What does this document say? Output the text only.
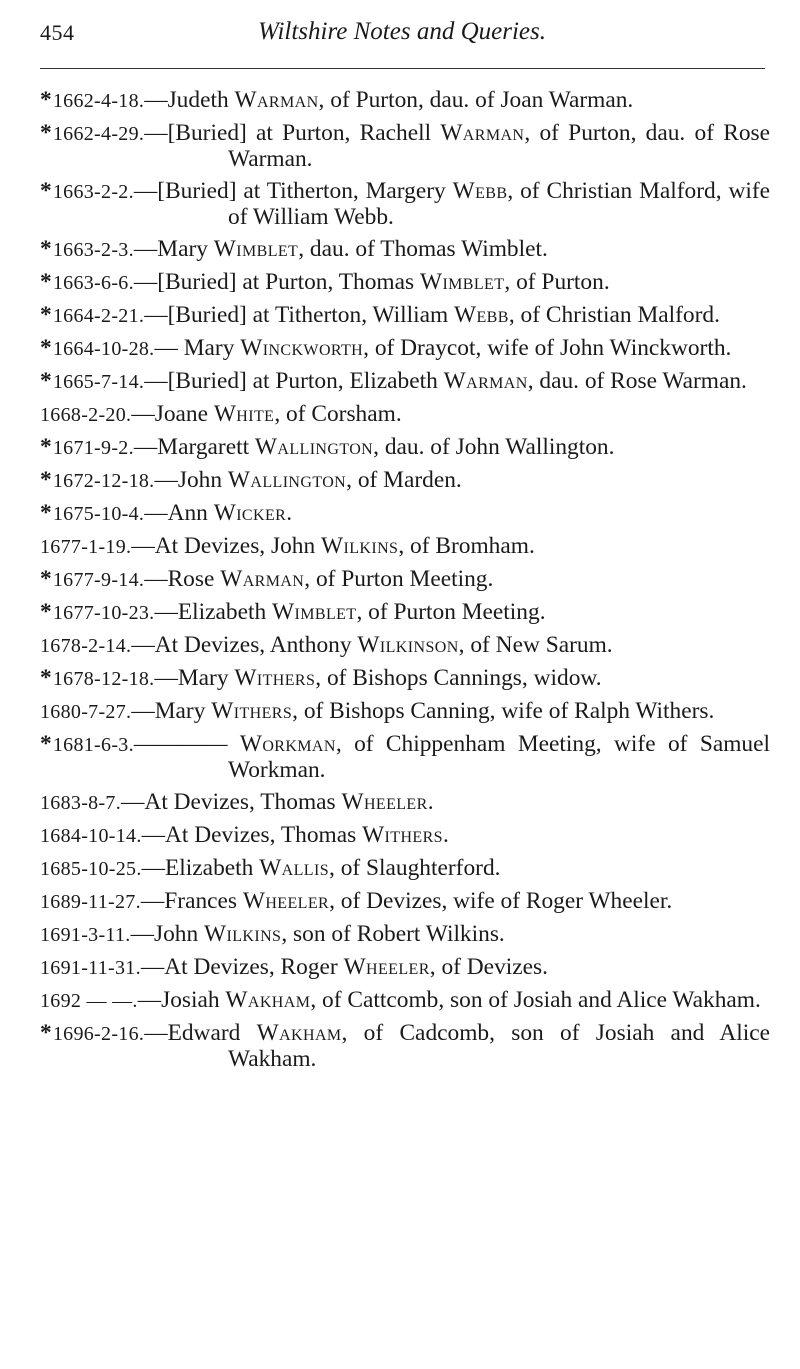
454	Wiltshire Notes and Queries.
*1662-4-18.—Judeth Warman, of Purton, dau. of Joan Warman.
*1662-4-29.—[Buried] at Purton, Rachell Warman, of Purton, dau. of Rose Warman.
*1663-2-2.—[Buried] at Titherton, Margery Webb, of Christian Malford, wife of William Webb.
*1663-2-3.—Mary Wimblet, dau. of Thomas Wimblet.
*1663-6-6.—[Buried] at Purton, Thomas Wimblet, of Purton.
*1664-2-21.—[Buried] at Titherton, William Webb, of Christian Malford.
*1664-10-28.— Mary Winckworth, of Draycot, wife of John Winckworth.
*1665-7-14.—[Buried] at Purton, Elizabeth Warman, dau. of Rose Warman.
1668-2-20.—Joane White, of Corsham.
*1671-9-2.—Margarett Wallington, dau. of John Wallington.
*1672-12-18.—John Wallington, of Marden.
*1675-10-4.—Ann Wicker.
1677-1-19.—At Devizes, John Wilkins, of Bromham.
*1677-9-14.—Rose Warman, of Purton Meeting.
*1677-10-23.—Elizabeth Wimblet, of Purton Meeting.
1678-2-14.—At Devizes, Anthony Wilkinson, of New Sarum.
*1678-12-18.—Mary Withers, of Bishops Cannings, widow.
1680-7-27.—Mary Withers, of Bishops Canning, wife of Ralph Withers.
*1681-6-3.———— Workman, of Chippenham Meeting, wife of Samuel Workman.
1683-8-7.—At Devizes, Thomas Wheeler.
1684-10-14.—At Devizes, Thomas Withers.
1685-10-25.—Elizabeth Wallis, of Slaughterford.
1689-11-27.—Frances Wheeler, of Devizes, wife of Roger Wheeler.
1691-3-11.—John Wilkins, son of Robert Wilkins.
1691-11-31.—At Devizes, Roger Wheeler, of Devizes.
1692 — —.—Josiah Wakham, of Cattcomb, son of Josiah and Alice Wakham.
*1696-2-16.—Edward Wakham, of Cadcomb, son of Josiah and Alice Wakham.
